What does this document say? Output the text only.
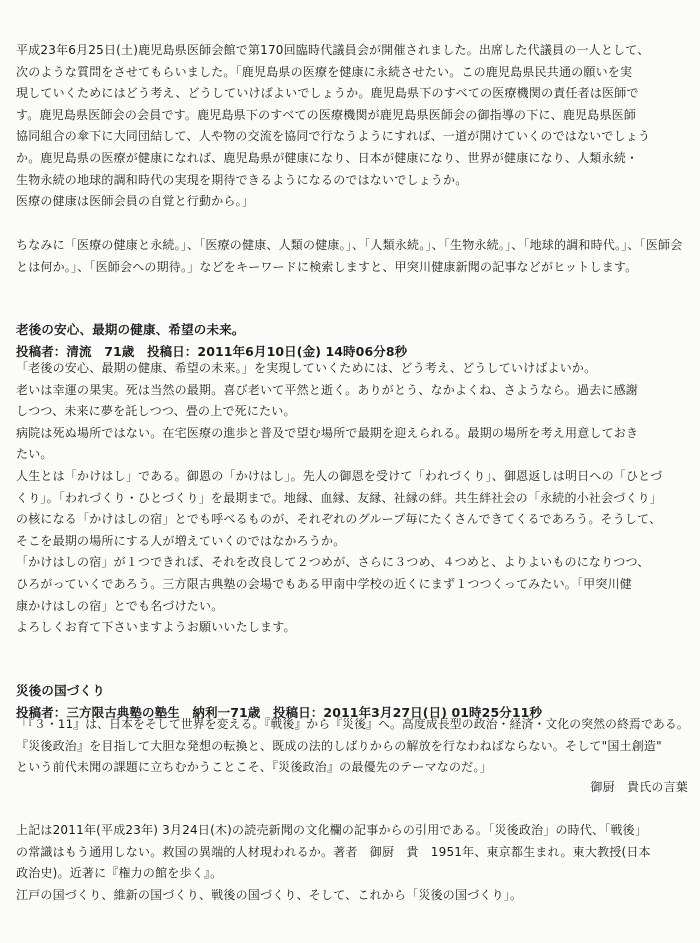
平成23年6月25日(土)鹿児島県医師会館で第170回臨時代議員会が開催されました。出席した代議員の一人として、
次のような質問をさせてもらいました。「鹿児島県の医療を健康に永続させたい。この鹿児島県民共通の願いを実
現していくためにはどう考え、どうしていけばよいでしょうか。鹿児島県下のすべての医療機関の責任者は医師で
す。鹿児島県医師会の会員です。鹿児島県下のすべての医療機関が鹿児島県医師会の御指導の下に、鹿児島県医師
協同組合の傘下に大同団結して、人や物の交流を協同で行なうようにすれば、一道が開けていくのではないでしょう
か。鹿児島県の医療が健康になれば、鹿児島県が健康になり、日本が健康になり、世界が健康になり、人類永続・
生物永続の地球的調和時代の実現を期待できるようになるのではないでしょうか。
医療の健康は医師会員の自覚と行動から。」
ちなみに「医療の健康と永続。」、「医療の健康、人類の健康。」、「人類永続。」、「生物永続。」、「地球的調和時代。」、「医師会
とは何か。」、「医師会への期待。」などをキーワードに検索しますと、甲突川健康新聞の記事などがヒットします。
老後の安心、最期の健康、希望の未来。
投稿者：清流　71歳　投稿日：2011年6月10日(金) 14時06分8秒
「老後の安心、最期の健康、希望の未来。」を実現していくためには、どう考え、どうしていけばよいか。
老いは幸運の果実。死は当然の最期。喜び老いて平然と逝く。ありがとう、なかよくね、さようなら。過去に感謝
しつつ、未来に夢を託しつつ、畳の上で死にたい。
病院は死ぬ場所ではない。在宅医療の進歩と普及で望む場所で最期を迎えられる。最期の場所を考え用意しておき
たい。
人生とは「かけはし」である。御恩の「かけはし」。先人の御恩を受けて「われづくり」、御恩返しは明日への「ひとづ
くり」。「われづくり・ひとづくり」を最期まで。地縁、血縁、友縁、社縁の絆。共生絆社会の「永続的小社会づくり」
の核になる「かけはしの宿」とでも呼べるものが、それぞれのグループ毎にたくさんできてくるであろう。そうして、
そこを最期の場所にする人が増えていくのではなかろうか。
「かけはしの宿」が１つできれば、それを改良して２つめが、さらに３つめ、４つめと、よりよいものになりつつ、
ひろがっていくであろう。三方限古典塾の会場でもある甲南中学校の近くにまず１つつくってみたい。「甲突川健
康かけはしの宿」とでも名づけたい。
よろしくお育て下さいますようお願いいたします。
災後の国づくり
投稿者：三方限古典塾の塾生　納利一71歳　投稿日：2011年3月27日(日) 01時25分11秒
「『３・11』は、日本をそして世界を変える。『戦後』から『災後』へ。高度成長型の政治・経済・文化の突然の終焉である。
『災後政治』を目指して大胆な発想の転換と、既成の法的しばりからの解放を行なわねばならない。そして"国土創造"
という前代未聞の課題に立ちむかうことこそ、『災後政治』の最優先のテーマなのだ。」
御厨　貴氏の言葉
上記は2011年(平成23年) 3月24日(木)の読売新聞の文化欄の記事からの引用である。「災後政治」の時代、「戦後」
の常識はもう通用しない。救国の異端的人材現われるか。著者　御厨　貴　1951年、東京都生まれ。東大教授(日本
政治史)。近著に『権力の館を歩く』。
江戸の国づくり、維新の国づくり、戦後の国づくり、そして、これから「災後の国づくり」。
